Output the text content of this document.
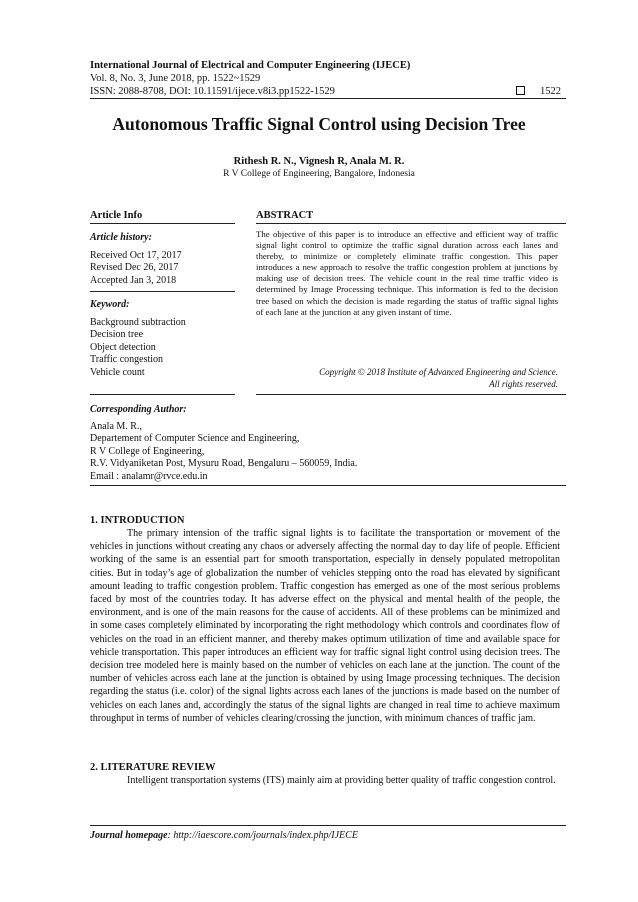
International Journal of Electrical and Computer Engineering (IJECE)
Vol. 8, No. 3, June 2018, pp. 1522~1529
ISSN: 2088-8708, DOI: 10.11591/ijece.v8i3.pp1522-1529	1522
Autonomous Traffic Signal Control using Decision Tree
Rithesh R. N., Vignesh R, Anala M. R.
R V College of Engineering, Bangalore, Indonesia
Article Info
Article history:
Received Oct 17, 2017
Revised Dec 26, 2017
Accepted Jan 3, 2018
Keyword:
Background subtraction
Decision tree
Object detection
Traffic congestion
Vehicle count
ABSTRACT
The objective of this paper is to introduce an effective and efficient way of traffic signal light control to optimize the traffic signal duration across each lanes and thereby, to minimize or completely eliminate traffic congestion. This paper introduces a new approach to resolve the traffic congestion problem at junctions by making use of decision trees. The vehicle count in the real time traffic video is determined by Image Processing technique. This information is fed to the decision tree based on which the decision is made regarding the status of traffic signal lights of each lane at the junction at any given instant of time.
Copyright © 2018 Institute of Advanced Engineering and Science.
All rights reserved.
Corresponding Author:
Anala M. R.,
Departement of Computer Science and Engineering,
R V College of Engineering,
R.V. Vidyaniketan Post, Mysuru Road, Bengaluru – 560059, India.
Email : analamr@rvce.edu.in
1. INTRODUCTION
The primary intension of the traffic signal lights is to facilitate the transportation or movement of the vehicles in junctions without creating any chaos or adversely affecting the normal day to day life of people. Efficient working of the same is an essential part for smooth transportation, especially in densely populated metropolitan cities. But in today’s age of globalization the number of vehicles stepping onto the road has elevated by significant amount leading to traffic congestion problem. Traffic congestion has emerged as one of the most serious problems faced by most of the countries today. It has adverse effect on the physical and mental health of the people, the environment, and is one of the main reasons for the cause of accidents. All of these problems can be minimized and in some cases completely eliminated by incorporating the right methodology which controls and coordinates flow of vehicles on the road in an efficient manner, and thereby makes optimum utilization of time and available space for vehicle transportation. This paper introduces an efficient way for traffic signal light control using decision trees. The decision tree modeled here is mainly based on the number of vehicles on each lane at the junction. The count of the number of vehicles across each lane at the junction is obtained by using Image processing techniques. The decision regarding the status (i.e. color) of the signal lights across each lanes of the junctions is made based on the number of vehicles on each lanes and, accordingly the status of the signal lights are changed in real time to achieve maximum throughput in terms of number of vehicles clearing/crossing the junction, with minimum chances of traffic jam.
2. LITERATURE REVIEW
Intelligent transportation systems (ITS) mainly aim at providing better quality of traffic congestion control.
Journal homepage: http://iaescore.com/journals/index.php/IJECE
